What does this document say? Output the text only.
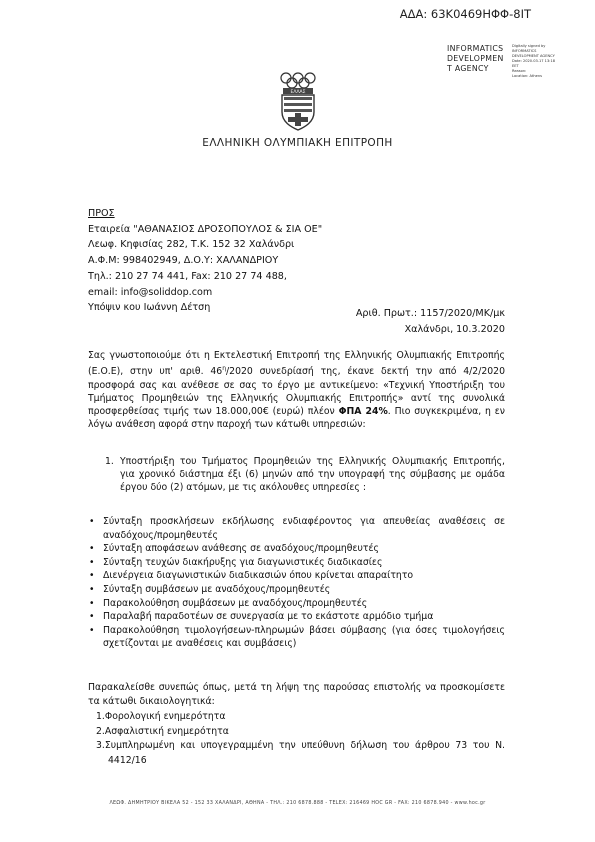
ΑΔΑ: 63Κ0469ΗΦΦ-8ΙΤ
INFORMATICS
DEVELOPMEN
T AGENCY
Digitally signed by
INFORMATICS
DEVELOPMENT AGENCY
Date: 2020.03.17 13:18
EET
Reason:
Location: Athens
ΕΛΛΑΣ
ΕΛΛΗΝΙΚΗ ΟΛΥΜΠΙΑΚΗ ΕΠΙΤΡΟΠΗ
ΠΡΟΣ
Εταιρεία "ΑΘΑΝΑΣΙΟΣ ΔΡΟΣΟΠΟΥΛΟΣ & ΣΙΑ ΟΕ"
Λεωφ. Κηφισίας 282, Τ.Κ. 152 32 Χαλάνδρι
Α.Φ.Μ: 998402949, Δ.Ο.Υ: ΧΑΛΑΝΔΡΙΟΥ
Τηλ.: 210 27 74 441, Fax: 210 27 74 488,
email: info@soliddop.com
Υπόψιν κου Ιωάννη Δέτση
Αριθ. Πρωτ.: 1157/2020/ΜΚ/μκ
Χαλάνδρι, 10.3.2020
Σας γνωστοποιούμε ότι η Εκτελεστική Επιτροπή της Ελληνικής Ολυμπιακής Επιτροπής (Ε.Ο.Ε), στην υπ' αριθ. $46^\eta/2020$ συνεδρίασή της, έκανε δεκτή την από 4/2/2020 προσφορά σας και ανέθεσε σε σας το έργο με αντικείμενο: «Τεχνική Υποστήριξη του Τμήματος Προμηθειών της Ελληνικής Ολυμπιακής Επιτροπής» αντί της συνολικά προσφερθείσας τιμής των 18.000,00€ (ευρώ) πλέον ΦΠΑ 24%. Πιο συγκεκριμένα, η εν λόγω ανάθεση αφορά στην παροχή των κάτωθι υπηρεσιών:
1. Υποστήριξη του Τμήματος Προμηθειών της Ελληνικής Ολυμπιακής Επιτροπής, για χρονικό διάστημα έξι (6) μηνών από την υπογραφή της σύμβασης με ομάδα έργου δύο (2) ατόμων, με τις ακόλουθες υπηρεσίες :
• Σύνταξη προσκλήσεων εκδήλωσης ενδιαφέροντος για απευθείας αναθέσεις σε αναδόχους/προμηθευτές
• Σύνταξη αποφάσεων ανάθεσης σε αναδόχους/προμηθευτές
• Σύνταξη τευχών διακήρυξης για διαγωνιστικές διαδικασίες
• Διενέργεια διαγωνιστικών διαδικασιών όπου κρίνεται απαραίτητο
• Σύνταξη συμβάσεων με αναδόχους/προμηθευτές
• Παρακολούθηση συμβάσεων με αναδόχους/προμηθευτές
• Παραλαβή παραδοτέων σε συνεργασία με το εκάστοτε αρμόδιο τμήμα
• Παρακολούθηση τιμολογήσεων-πληρωμών βάσει σύμβασης (για όσες τιμολογήσεις σχετίζονται με αναθέσεις και συμβάσεις)
Παρακαλείσθε συνεπώς όπως, μετά τη λήψη της παρούσας επιστολής να προσκομίσετε τα κάτωθι δικαιολογητικά:
1.Φορολογική ενημερότητα
2.Ασφαλιστική ενημερότητα
3.Συμπληρωμένη και υπογεγραμμένη την υπεύθυνη δήλωση του άρθρου 73 του Ν. 4412/16
ΛΕΩΦ. ΔΗΜΗΤΡΙΟΥ ΒΙΚΕΛΑ 52 - 152 33 ΧΑΛΑΝΔΡΙ, ΑΘΗΝΑ - ΤΗΛ.: 210 6878.888 - TELEX: 216469 HOC GR - FAX: 210 6878.940 - www.hoc.gr
